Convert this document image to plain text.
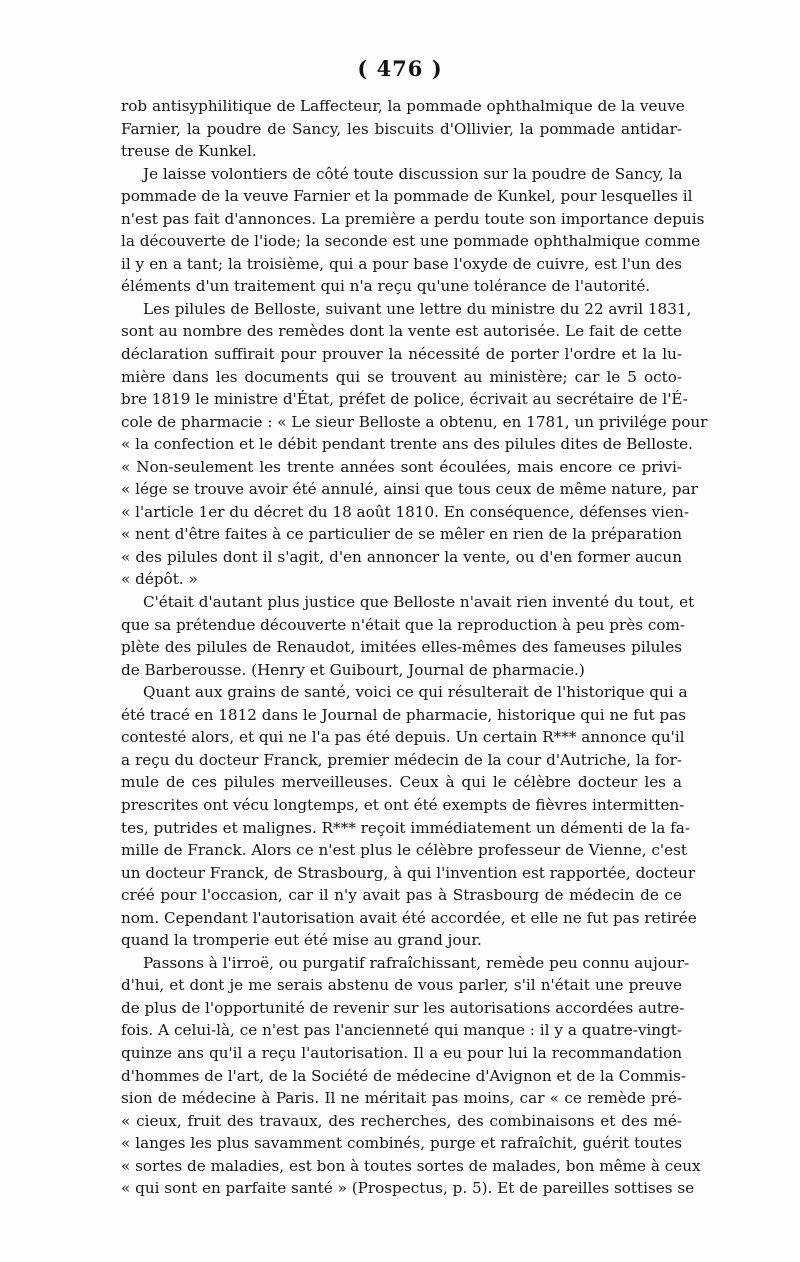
( 476 )
rob antisyphilitique de Laffecteur, la pommade ophthalmique de la veuve
Farnier, la poudre de Sancy, les biscuits d'Ollivier, la pommade antidar-
treuse de Kunkel.
Je laisse volontiers de côté toute discussion sur la poudre de Sancy, la
pommade de la veuve Farnier et la pommade de Kunkel, pour lesquelles il
n'est pas fait d'annonces. La première a perdu toute son importance depuis
la découverte de l'iode; la seconde est une pommade ophthalmique comme
il y en a tant; la troisième, qui a pour base l'oxyde de cuivre, est l'un des
éléments d'un traitement qui n'a reçu qu'une tolérance de l'autorité.
Les pilules de Belloste, suivant une lettre du ministre du 22 avril 1831,
sont au nombre des remèdes dont la vente est autorisée. Le fait de cette
déclaration suffirait pour prouver la nécessité de porter l'ordre et la lu-
mière dans les documents qui se trouvent au ministère; car le 5 octo-
bre 1819 le ministre d'État, préfet de police, écrivait au secrétaire de l'É-
cole de pharmacie : « Le sieur Belloste a obtenu, en 1781, un privilége pour
« la confection et le débit pendant trente ans des pilules dites de Belloste.
« Non-seulement les trente années sont écoulées, mais encore ce privi-
« lége se trouve avoir été annulé, ainsi que tous ceux de même nature, par
« l'article 1er du décret du 18 août 1810. En conséquence, défenses vien-
« nent d'être faites à ce particulier de se mêler en rien de la préparation
« des pilules dont il s'agit, d'en annoncer la vente, ou d'en former aucun
« dépôt. »
C'était d'autant plus justice que Belloste n'avait rien inventé du tout, et
que sa prétendue découverte n'était que la reproduction à peu près com-
plète des pilules de Renaudot, imitées elles-mêmes des fameuses pilules
de Barberousse. (Henry et Guibourt, Journal de pharmacie.)
Quant aux grains de santé, voici ce qui résulterait de l'historique qui a
été tracé en 1812 dans le Journal de pharmacie, historique qui ne fut pas
contesté alors, et qui ne l'a pas été depuis. Un certain R*** annonce qu'il
a reçu du docteur Franck, premier médecin de la cour d'Autriche, la for-
mule de ces pilules merveilleuses. Ceux à qui le célèbre docteur les a
prescrites ont vécu longtemps, et ont été exempts de fièvres intermitten-
tes, putrides et malignes. R*** reçoit immédiatement un démenti de la fa-
mille de Franck. Alors ce n'est plus le célèbre professeur de Vienne, c'est
un docteur Franck, de Strasbourg, à qui l'invention est rapportée, docteur
créé pour l'occasion, car il n'y avait pas à Strasbourg de médecin de ce
nom. Cependant l'autorisation avait été accordée, et elle ne fut pas retirée
quand la tromperie eut été mise au grand jour.
Passons à l'irroë, ou purgatif rafraîchissant, remède peu connu aujour-
d'hui, et dont je me serais abstenu de vous parler, s'il n'était une preuve
de plus de l'opportunité de revenir sur les autorisations accordées autre-
fois. A celui-là, ce n'est pas l'ancienneté qui manque : il y a quatre-vingt-
quinze ans qu'il a reçu l'autorisation. Il a eu pour lui la recommandation
d'hommes de l'art, de la Société de médecine d'Avignon et de la Commis-
sion de médecine à Paris. Il ne méritait pas moins, car « ce remède pré-
« cieux, fruit des travaux, des recherches, des combinaisons et des mé-
« langes les plus savamment combinés, purge et rafraîchit, guérit toutes
« sortes de maladies, est bon à toutes sortes de malades, bon même à ceux
« qui sont en parfaite santé » (Prospectus, p. 5). Et de pareilles sottises se
